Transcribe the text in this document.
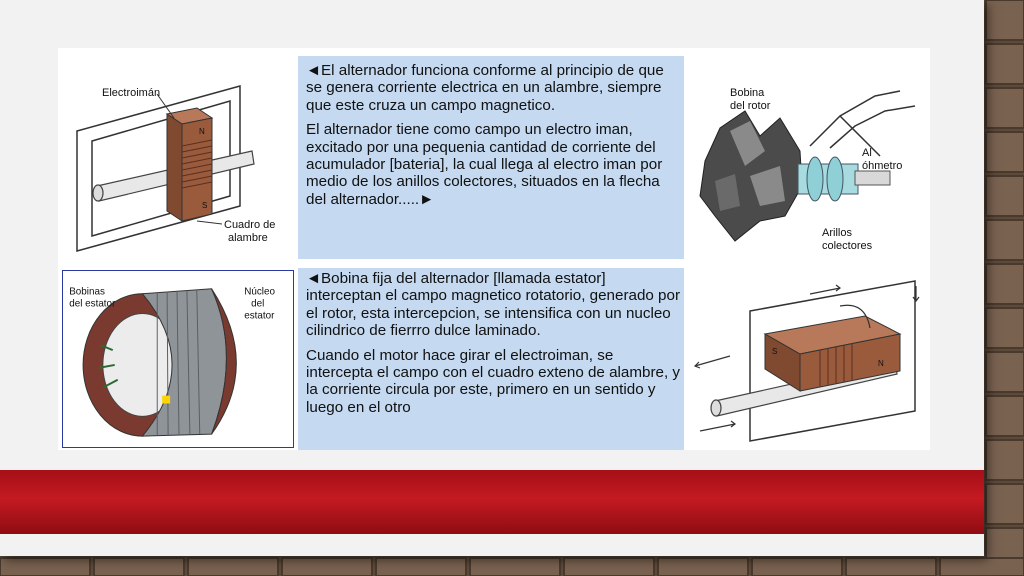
Electroimán
N
S
Cuadro de
alambre

◄El alternador funciona conforme al principio de que se genera corriente electrica en un alambre, siempre que este cruza un campo magnetico.

El alternador tiene como campo un electro iman, excitado por una pequenia cantidad de corriente del acumulador [bateria], la cual llega al electro iman por medio de los anillos colectores, situados en la flecha del alternador.....►

Bobina
del rotor
Al
óhmetro
Arillos
colectores
Bobinas
del estator
Núcleo
del
estator

◄Bobina fija del alternador [llamada estator] interceptan el campo magnetico rotatorio, generado por el rotor, esta intercepcion, se intensifica con un nucleo cilindrico de fierrro dulce laminado.

Cuando el motor hace girar el electroiman, se intercepta el campo con el cuadro exteno de alambre, y la corriente circula por este, primero en un sentido y luego en el otro

S
N
